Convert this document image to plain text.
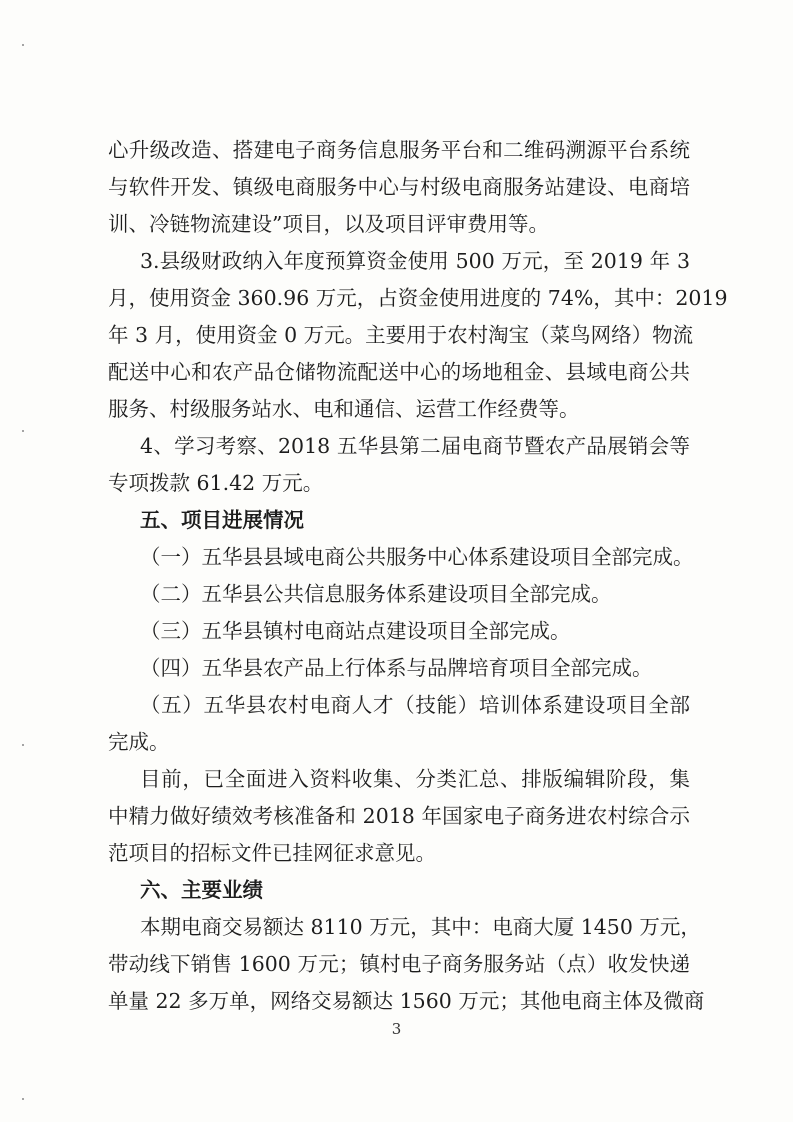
心升级改造、搭建电子商务信息服务平台和二维码溯源平台系统
与软件开发、镇级电商服务中心与村级电商服务站建设、电商培
训、冷链物流建设”项目，以及项目评审费用等。
3.县级财政纳入年度预算资金使用 500 万元，至 2019 年 3
月，使用资金 360.96 万元，占资金使用进度的 74%，其中：2019
年 3 月，使用资金 0 万元。主要用于农村淘宝（菜鸟网络）物流
配送中心和农产品仓储物流配送中心的场地租金、县域电商公共
服务、村级服务站水、电和通信、运营工作经费等。
4、学习考察、2018 五华县第二届电商节暨农产品展销会等
专项拨款 61.42 万元。
五、项目进展情况
（一）五华县县域电商公共服务中心体系建设项目全部完成。
（二）五华县公共信息服务体系建设项目全部完成。
（三）五华县镇村电商站点建设项目全部完成。
（四）五华县农产品上行体系与品牌培育项目全部完成。
（五）五华县农村电商人才（技能）培训体系建设项目全部
完成。
目前，已全面进入资料收集、分类汇总、排版编辑阶段，集
中精力做好绩效考核准备和 2018 年国家电子商务进农村综合示
范项目的招标文件已挂网征求意见。
六、主要业绩
本期电商交易额达 8110 万元，其中：电商大厦 1450 万元，
带动线下销售 1600 万元；镇村电子商务服务站（点）收发快递
单量 22 多万单，网络交易额达 1560 万元；其他电商主体及微商
3
